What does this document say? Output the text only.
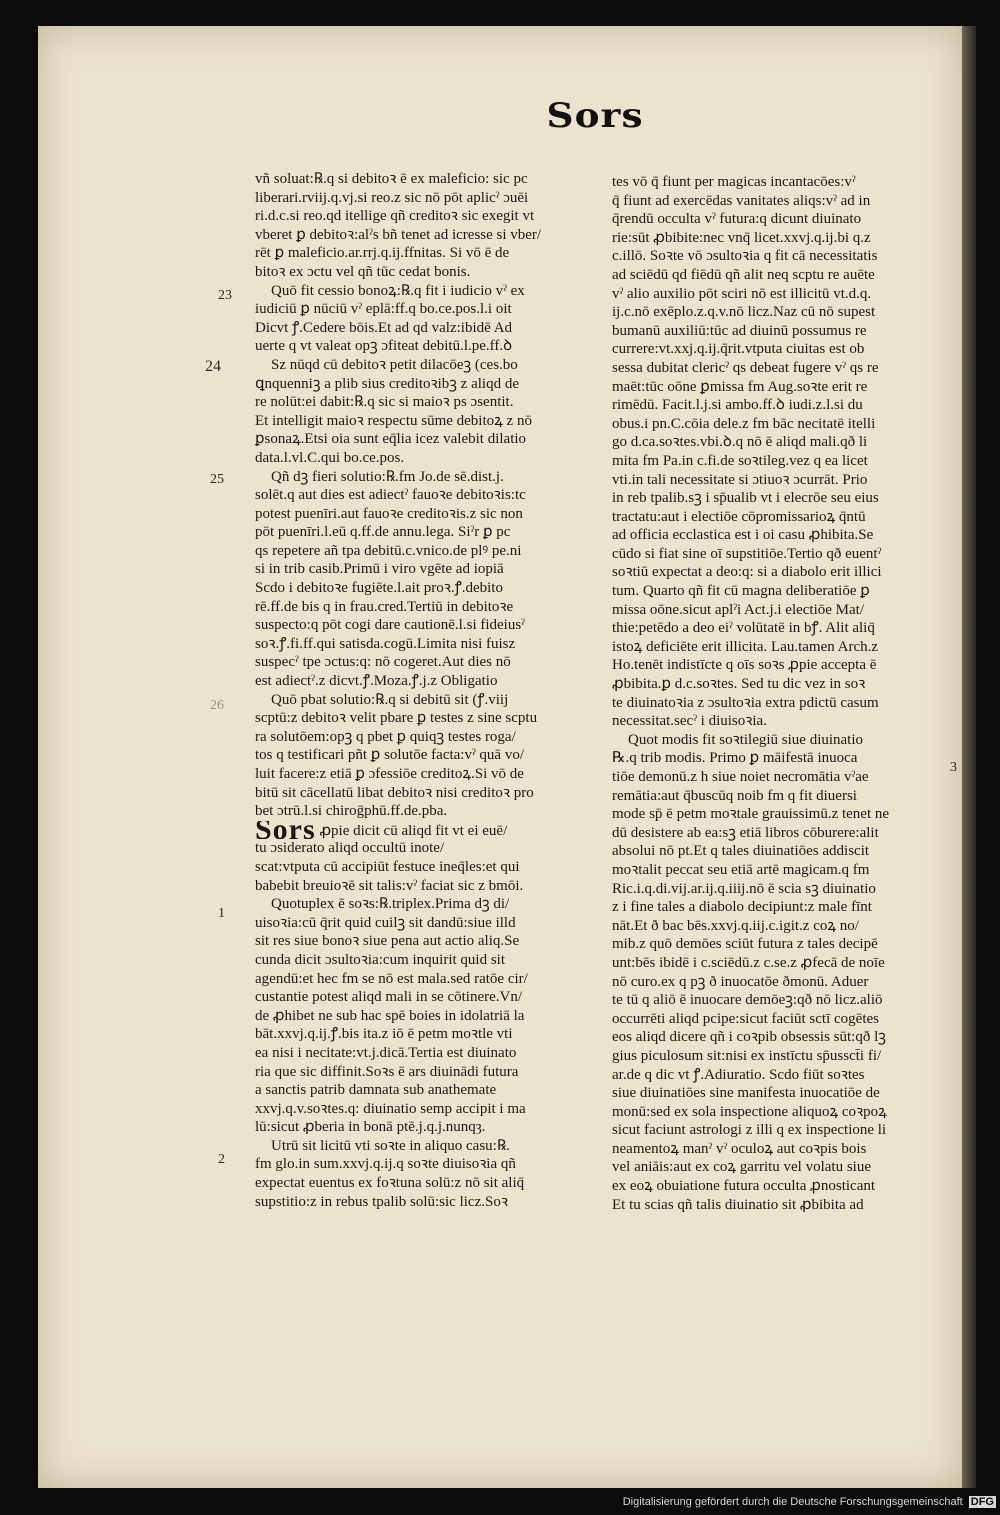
Sors
23
24
25
26
1
2
3
vñ soluat:℞.q si debitoꝛ ē ex maleficio: sic pc
liberari.rviij.q.vj.si reo.z sic nō pōt aplicˀ ɔuēi
ri.d.c.si reo.qd itellige qñ creditoꝛ sic exegit vt
vberet ꝑ debitoꝛ:alˀs bñ tenet ad icresse si vber/
rēt ꝑ maleficio.ar.rrj.q.ij.ffnitas. Si vō ē de
bitoꝛ ex ɔctu vel qñ tūc cedat bonis.
Quō fit cessio bonoꝝ:℞.q fit i iudicio vˀ ex
iudiciū ꝑ nūciū vˀ eplā:ff.q bo.ce.pos.l.i oit
Dicvt ꝭ.Cedere bōis.Et ad qd valz:ibidē Ad
uerte q vt valeat opꝫ ɔfiteat debitū.l.pe.ff.ꝺ
Sz nūqd cū debitoꝛ petit dilacōeꝫ (ces.bo
ꝗnquenniꝫ a plib sius creditoꝛibꝫ z aliqd de
re nolūt:ei dabit:℞.q sic si maioꝛ ps ɔsentit.
Et intelligit maioꝛ respectu sūme debitoꝝ z nō
ꝑsonaꝝ.Etsi oia sunt eq̄lia icez valebit dilatio
data.l.vl.C.qui bo.ce.pos.
Qñ dꝫ fieri solutio:℞.fm Jo.de sē.dist.j.
solēt.q aut dies est adiectˀ fauoꝛe debitoꝛis:tc
potest puenīri.aut fauoꝛe creditoꝛis.z sic non
pōt puenīri.l.eū q.ff.de annu.lega. Siˀr ꝑ pc
qs repetere añ tpa debitū.c.vnico.de plꝰ pe.ni
si in trib casib.Primū i viro vgēte ad iopiā
Scdo i debitoꝛe fugiēte.l.ait proꝛ.ꝭ.debito
rē.ff.de bis q in frau.cred.Tertiū in debitoꝛe
suspecto:q pōt cogi dare cautionē.l.si fideiusˀ
soꝛ.ꝭ.fi.ff.qui satisda.cogū.Limita nisi fuisz
suspecˀ tpe ɔctus:q: nō cogeret.Aut dies nō
est adiectˀ.z dicvt.ꝭ.Moza.ꝭ.j.z Obligatio
Quō pbat solutio:℞.q si debitū sit (ꝭ.viij
scptū:z debitoꝛ velit pbare ꝑ testes z sine scptu
ra solutōem:opꝫ q pbet ꝑ quiqꝫ testes roga/
tos q testificari pñt ꝑ solutōe facta:vˀ quā vo/
luit facere:z etiā ꝑ ɔfessiōe creditoꝝ.Si vō de
bitū sit cācellatū libat debitoꝛ nisi creditoꝛ pro
bet ɔtrū.l.si chiroḡphū.ff.de.pba.
Sors ꝓpie dicit cū aliqd fit vt ei euē/
tu ɔsiderato aliqd occultū inote/
scat:vtputa cū accipiūt festuce ineq̄les:et qui
babebit breuioꝛē sit talis:vˀ faciat sic z bmōi.
Quotuplex ē soꝛs:℞.triplex.Prima dꝫ di/
uisoꝛia:cū q̄rit quid cuilꝫ sit dandū:siue illd
sit res siue bonoꝛ siue pena aut actio aliq.Se
cunda dicit ɔsultoꝛia:cum inquirit quid sit
agendū:et hec fm se nō est mala.sed ratōe cir/
custantie potest aliqd mali in se cōtinere.Vn/
de ꝓhibet ne sub hac spē boies in idolatriā la
bāt.xxvj.q.ij.ꝭ.bis ita.z iō ē petm moꝛtle vti
ea nisi i necitate:vt.j.dicā.Tertia est diuinato
ria que sic diffinit.Soꝛs ē ars diuinādi futura
a sanctis patrib damnata sub anathemate
xxvj.q.v.soꝛtes.q: diuinatio semp accipit i ma
lū:sicut ꝓberia in bonā ptē.j.q.j.nunqȝ.
Utrū sit licitū vti soꝛte in aliquo casu:℞.
fm glo.in sum.xxvj.q.ij.q soꝛte diuisoꝛia qñ
expectat euentus ex foꝛtuna solū:z nō sit aliq̄
supstitio:z in rebus tpalib solū:sic licz.Soꝛ
tes vō q̄ fiunt per magicas incantacōes:vˀ
q̄ fiunt ad exercēdas vanitates aliqs:vˀ ad in
q̄rendū occulta vˀ futura:q dicunt diuinato
rie:sūt ꝓbibite:nec vnq̄ licet.xxvj.q.ij.bi q.z
c.illō. Soꝛte vō ɔsultoꝛia q fit cā necessitatis
ad sciēdū qd fiēdū qñ alit neq scptu re auēte
vˀ alio auxilio pōt sciri nō est illicitū vt.d.q.
ij.c.nō exēplo.z.q.v.nō licz.Naz cū nō supest
bumanū auxiliū:tūc ad diuinū possumus re
currere:vt.xxj.q.ij.q̄rit.vtputa ciuitas est ob
sessa dubitat clericˀ qs debeat fugere vˀ qs re
maēt:tūc oōne ꝑmissa fm Aug.soꝛte erit re
rimēdū. Facit.l.j.si ambo.ff.ꝺ iudi.z.l.si du
obus.i pn.C.cōia dele.z fm bāc necitatē itelli
go d.ca.soꝛtes.vbi.ꝺ.q nō ē aliqd mali.qð li
mita fm Pa.in c.fi.de soꝛtileg.vez q ea licet
vti.in tali necessitate si ɔtiuoꝛ ɔcurrāt. Prio
in reb tpalib.sꝫ i sp̄ualib vt i elecrōe seu eius
tractatu:aut i electiōe cōpromissarioꝝ q̄ntū
ad officia ecclastica est i oi casu ꝓhibita.Se
cūdo si fiat sine oī supstitiōe.Tertio qð euentˀ
soꝛtiū expectat a deo:q: si a diabolo erit illici
tum. Quarto qñ fit cū magna deliberatiōe ꝑ
missa oōne.sicut aplˀi Act.j.i electiōe Mat/
thie:petēdo a deo eiˀ volūtatē in bꝭ. Alit aliq̄
istoꝝ deficiēte erit illicita. Lau.tamen Arch.z
Ho.tenēt indistīcte q oīs soꝛs ꝓpie accepta ē
ꝓbibita.ꝑ d.c.soꝛtes. Sed tu dic vez in soꝛ
te diuinatoꝛia z ɔsultoꝛia extra pdictū casum
necessitat.secˀ i diuisoꝛia.
Quot modis fit soꝛtilegiū siue diuinatio
℞.q trib modis. Primo ꝑ māifestā inuoca
tiōe demonū.z h siue noiet necromātia vˀae
remātia:aut q̄buscūq noib fm q fit diuersi
mode sp̄ ē petm moꝛtale grauissimū.z tenet ne
dū desistere ab ea:sꝫ etiā libros cōburere:alit
absolui nō pt.Et q tales diuinatiōes addiscit
moꝛtalit peccat seu etiā artē magicam.q fm
Ric.i.q.di.vij.ar.ij.q.iiij.nō ē scia sꝫ diuinatio
z i fine tales a diabolo decipiunt:z male fīnt
nāt.Et ð bac bēs.xxvj.q.iij.c.igit.z coꝝ no/
mib.z quō demōes sciūt futura z tales decipē
unt:bēs ibidē i c.sciēdū.z c.se.z ꝓfecā de noīe
nō curo.ex q pꝫ ð inuocatōe ðmonū. Aduer
te tū q aliō ē inuocare demōeꝫ:qð nō licz.aliō
occurrēti aliqd pcipe:sicut faciūt sctī cogētes
eos aliqd dicere qñ i coꝛpib obsessis sūt:qð lꝫ
gius piculosum sit:nisi ex instīctu sp̄ussct̄i fi/
ar.de q dic vt ꝭ.Adiuratio. Scdo fiūt soꝛtes
siue diuinatiōes sine manifesta inuocatiōe de
monū:sed ex sola inspectione aliquoꝝ coꝛpoꝝ
sicut faciunt astrologi z illi q ex inspectione li
neamentoꝝ manˀ vˀ oculoꝝ aut coꝛpis bois
vel aniāis:aut ex coꝝ garritu vel volatu siue
ex eoꝝ obuiatione futura occulta ꝓnosticant
Et tu scias qñ talis diuinatio sit ꝓbibita ad
Digitalisierung gefördert durch die Deutsche Forschungsgemeinschaft DFG
